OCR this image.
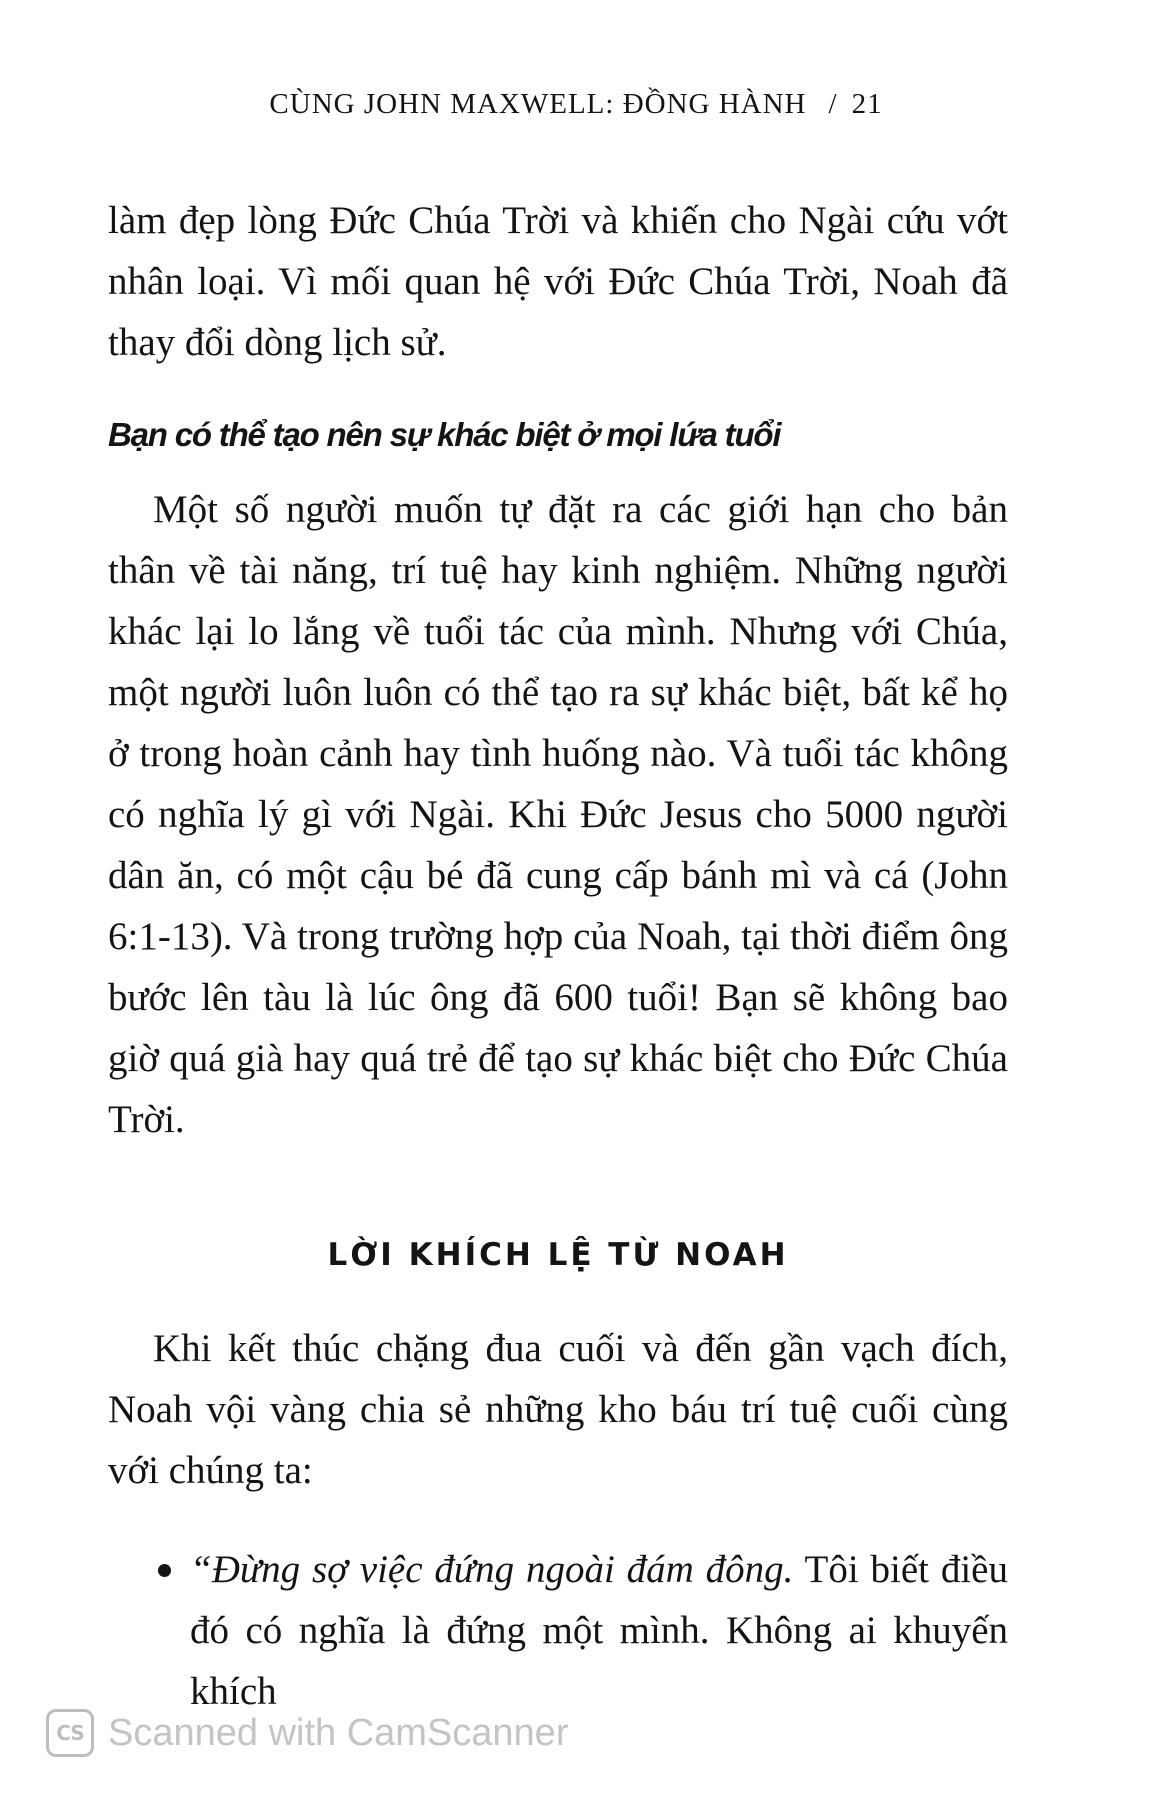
CÙNG JOHN MAXWELL: ĐỒNG HÀNH / 21

làm đẹp lòng Đức Chúa Trời và khiến cho Ngài cứu vớt nhân loại. Vì mối quan hệ với Đức Chúa Trời, Noah đã thay đổi dòng lịch sử.

Bạn có thể tạo nên sự khác biệt ở mọi lứa tuổi

Một số người muốn tự đặt ra các giới hạn cho bản thân về tài năng, trí tuệ hay kinh nghiệm. Những người khác lại lo lắng về tuổi tác của mình. Nhưng với Chúa, một người luôn luôn có thể tạo ra sự khác biệt, bất kể họ ở trong hoàn cảnh hay tình huống nào. Và tuổi tác không có nghĩa lý gì với Ngài. Khi Đức Jesus cho 5000 người dân ăn, có một cậu bé đã cung cấp bánh mì và cá (John 6:1-13). Và trong trường hợp của Noah, tại thời điểm ông bước lên tàu là lúc ông đã 600 tuổi! Bạn sẽ không bao giờ quá già hay quá trẻ để tạo sự khác biệt cho Đức Chúa Trời.

LỜI KHÍCH LỆ TỪ NOAH

Khi kết thúc chặng đua cuối và đến gần vạch đích, Noah vội vàng chia sẻ những kho báu trí tuệ cuối cùng với chúng ta:

“Đừng sợ việc đứng ngoài đám đông. Tôi biết điều đó có nghĩa là đứng một mình. Không ai khuyến khích
CS Scanned with CamScanner
